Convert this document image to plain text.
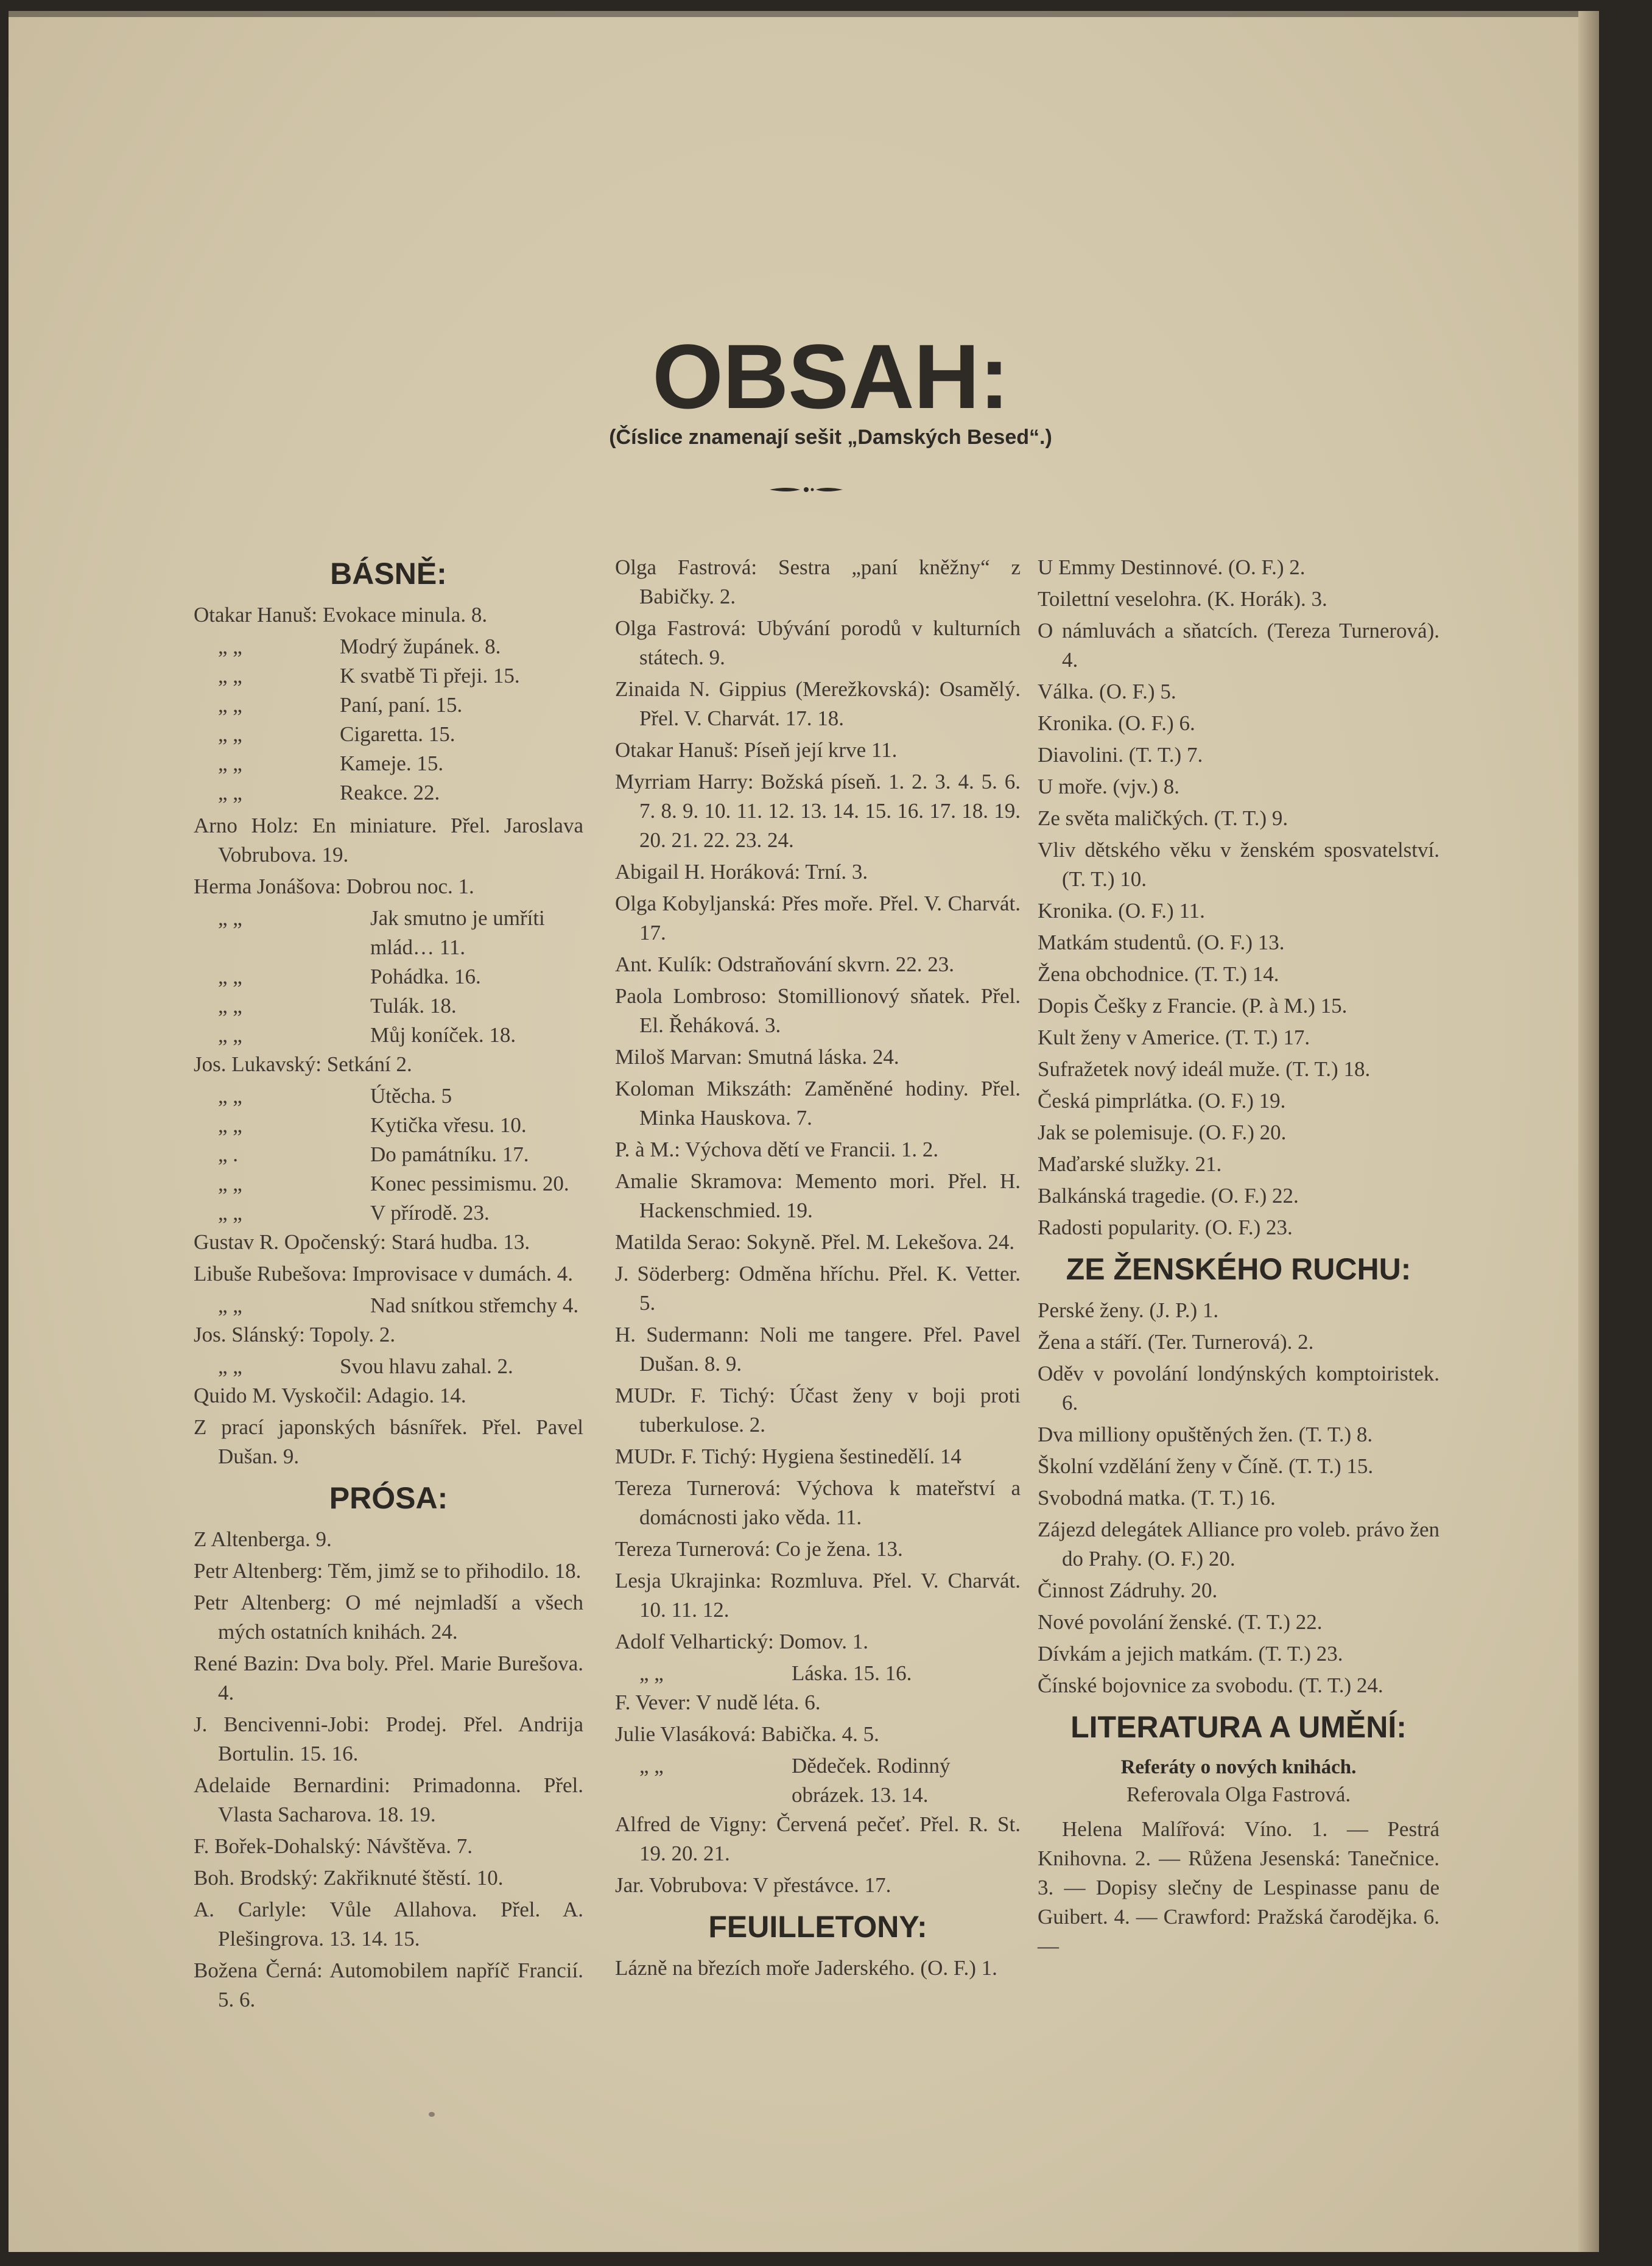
OBSAH:
(Číslice znamenají sešit „Damských Besed“.)
BÁSNĚ:
Otakar Hanuš: Evokace minula. 8.
„ „	Modrý župánek. 8.
„ „	K svatbě Ti přeji. 15.
„ „	Paní, paní. 15.
„ „	Cigaretta. 15.
„ „	Kameje. 15.
„ „	Reakce. 22.
Arno Holz: En miniature. Přel. Jaroslava Vobrubova. 19.
Herma Jonášova: Dobrou noc. 1.
„ „	Jak smutno je umříti mlád… 11.
„ „	Pohádka. 16.
„ „	Tulák. 18.
„ „	Můj koníček. 18.
Jos. Lukavský: Setkání 2.
„ „	Útěcha. 5
„ „	Kytička vřesu. 10.
„ .	Do památníku. 17.
„ „	Konec pessimismu. 20.
„ „	V přírodě. 23.
Gustav R. Opočenský: Stará hudba. 13.
Libuše Rubešova: Improvisace v dumách. 4.
„ „	Nad snítkou střemchy 4.
Jos. Slánský: Topoly. 2.
„ „	Svou hlavu zahal. 2.
Quido M. Vyskočil: Adagio. 14.
Z prací japonských básnířek. Přel. Pavel Dušan. 9.
PRÓSA:
Z Altenberga. 9.
Petr Altenberg: Těm, jimž se to přihodilo. 18.
Petr Altenberg: O mé nejmladší a všech mých ostatních knihách. 24.
René Bazin: Dva boly. Přel. Marie Burešova. 4.
J. Bencivenni-Jobi: Prodej. Přel. Andrija Bortulin. 15. 16.
Adelaide Bernardini: Primadonna. Přel. Vlasta Sacharova. 18. 19.
F. Bořek-Dohalský: Návštěva. 7.
Boh. Brodský: Zakřiknuté štěstí. 10.
A. Carlyle: Vůle Allahova. Přel. A. Plešingrova. 13. 14. 15.
Božena Černá: Automobilem napříč Francií. 5. 6.
Olga Fastrová: Sestra „paní kněžny“ z Babičky. 2.
Olga Fastrová: Ubývání porodů v kulturních státech. 9.
Zinaida N. Gippius (Merežkovská): Osamělý. Přel. V. Charvát. 17. 18.
Otakar Hanuš: Píseň její krve 11.
Myrriam Harry: Božská píseň. 1. 2. 3. 4. 5. 6. 7. 8. 9. 10. 11. 12. 13. 14. 15. 16. 17. 18. 19. 20. 21. 22. 23. 24.
Abigail H. Horáková: Trní. 3.
Olga Kobyljanská: Přes moře. Přel. V. Charvát. 17.
Ant. Kulík: Odstraňování skvrn. 22. 23.
Paola Lombroso: Stomillionový sňatek. Přel. El. Řeháková. 3.
Miloš Marvan: Smutná láska. 24.
Koloman Mikszáth: Zaměněné hodiny. Přel. Minka Hauskova. 7.
P. à M.: Výchova dětí ve Francii. 1. 2.
Amalie Skramova: Memento mori. Přel. H. Hackenschmied. 19.
Matilda Serao: Sokyně. Přel. M. Lekešova. 24.
J. Söderberg: Odměna hříchu. Přel. K. Vetter. 5.
H. Sudermann: Noli me tangere. Přel. Pavel Dušan. 8. 9.
MUDr. F. Tichý: Účast ženy v boji proti tuberkulose. 2.
MUDr. F. Tichý: Hygiena šestinedělí. 14
Tereza Turnerová: Výchova k mateřství a domácnosti jako věda. 11.
Tereza Turnerová: Co je žena. 13.
Lesja Ukrajinka: Rozmluva. Přel. V. Charvát. 10. 11. 12.
Adolf Velhartický: Domov. 1.
„ „	Láska. 15. 16.
F. Vever: V nudě léta. 6.
Julie Vlasáková: Babička. 4. 5.
„ „	Dědeček. Rodinný obrázek. 13. 14.
Alfred de Vigny: Červená pečeť. Přel. R. St. 19. 20. 21.
Jar. Vobrubova: V přestávce. 17.
FEUILLETONY:
Lázně na březích moře Jaderského. (O. F.) 1.
U Emmy Destinnové. (O. F.) 2.
Toilettní veselohra. (K. Horák). 3.
O námluvách a sňatcích. (Tereza Turnerová). 4.
Válka. (O. F.) 5.
Kronika. (O. F.) 6.
Diavolini. (T. T.) 7.
U moře. (vjv.) 8.
Ze světa maličkých. (T. T.) 9.
Vliv dětského věku v ženském sposvatelství. (T. T.) 10.
Kronika. (O. F.) 11.
Matkám studentů. (O. F.) 13.
Žena obchodnice. (T. T.) 14.
Dopis Češky z Francie. (P. à M.) 15.
Kult ženy v Americe. (T. T.) 17.
Sufražetek nový ideál muže. (T. T.) 18.
Česká pimprlátka. (O. F.) 19.
Jak se polemisuje. (O. F.) 20.
Maďarské služky. 21.
Balkánská tragedie. (O. F.) 22.
Radosti popularity. (O. F.) 23.
ZE ŽENSKÉHO RUCHU:
Perské ženy. (J. P.) 1.
Žena a stáří. (Ter. Turnerová). 2.
Oděv v povolání londýnských komptoiristek. 6.
Dva milliony opuštěných žen. (T. T.) 8.
Školní vzdělání ženy v Číně. (T. T.) 15.
Svobodná matka. (T. T.) 16.
Zájezd delegátek Alliance pro voleb. právo žen do Prahy. (O. F.) 20.
Činnost Zádruhy. 20.
Nové povolání ženské. (T. T.) 22.
Dívkám a jejich matkám. (T. T.) 23.
Čínské bojovnice za svobodu. (T. T.) 24.
LITERATURA A UMĚNÍ:
Referáty o nových knihách.
Referovala Olga Fastrová.
Helena Malířová: Víno. 1. — Pestrá Knihovna. 2. — Růžena Jesenská: Tanečnice. 3. — Dopisy slečny de Lespinasse panu de Guibert. 4. — Crawford: Pražská čarodějka. 6. —
